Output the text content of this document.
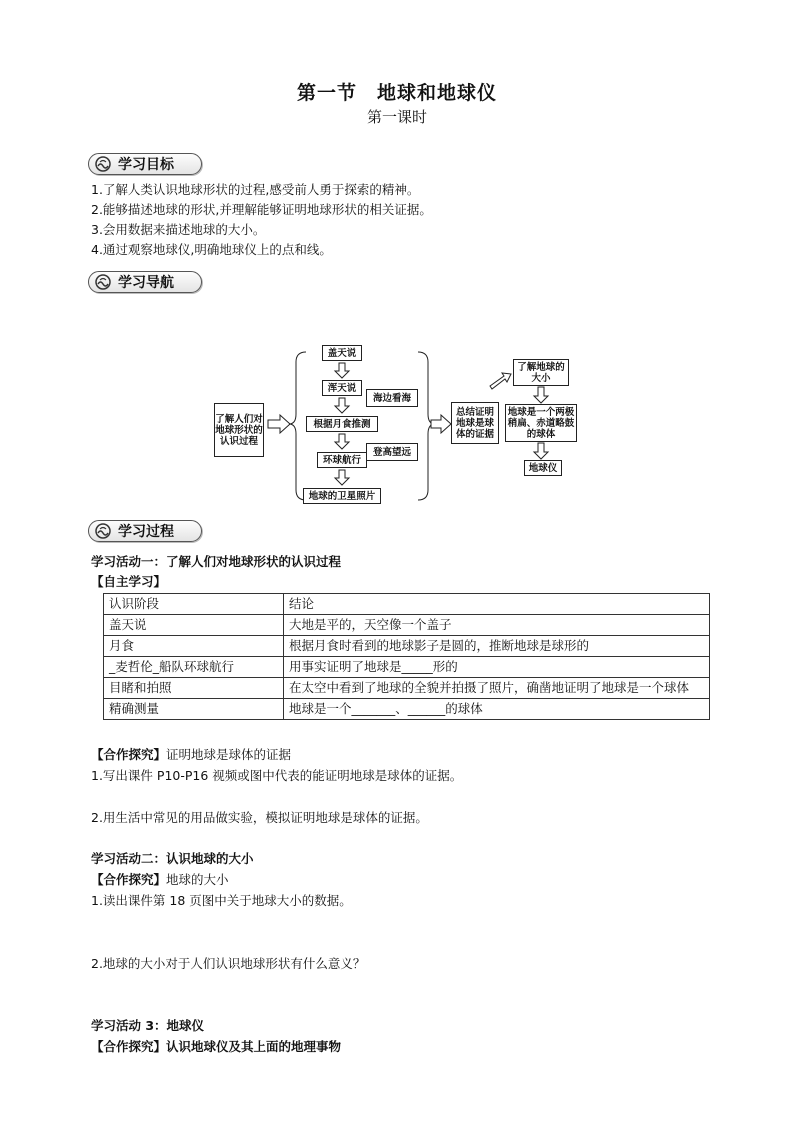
第一节　地球和地球仪
第一课时
学习目标
1.了解人类认识地球形状的过程,感受前人勇于探索的精神。
2.能够描述地球的形状,并理解能够证明地球形状的相关证据。
3.会用数据来描述地球的大小。
4.通过观察地球仪,明确地球仪上的点和线。
学习导航
了解人们对地球形状的认识过程
盖天说
浑天说
根据月食推测
环球航行
地球的卫星照片
海边看海
登高望远
总结证明地球是球体的证据
了解地球的大小
地球是一个两极稍扁、赤道略鼓的球体
地球仪
学习过程
学习活动一：了解人们对地球形状的认识过程
【自主学习】
认识阶段	结论
盖天说	大地是平的，天空像一个盖子
月食	根据月食时看到的地球影子是圆的，推断地球是球形的
_麦哲伦_船队环球航行	用事实证明了地球是_____形的
目睹和拍照	在太空中看到了地球的全貌并拍摄了照片，确凿地证明了地球是一个球体
精确测量	地球是一个_______、______的球体
【合作探究】证明地球是球体的证据
1.写出课件 P10-P16 视频或图中代表的能证明地球是球体的证据。
2.用生活中常见的用品做实验，模拟证明地球是球体的证据。
学习活动二：认识地球的大小
【合作探究】地球的大小
1.读出课件第 18 页图中关于地球大小的数据。
2.地球的大小对于人们认识地球形状有什么意义？
学习活动 3：地球仪
【合作探究】认识地球仪及其上面的地理事物
